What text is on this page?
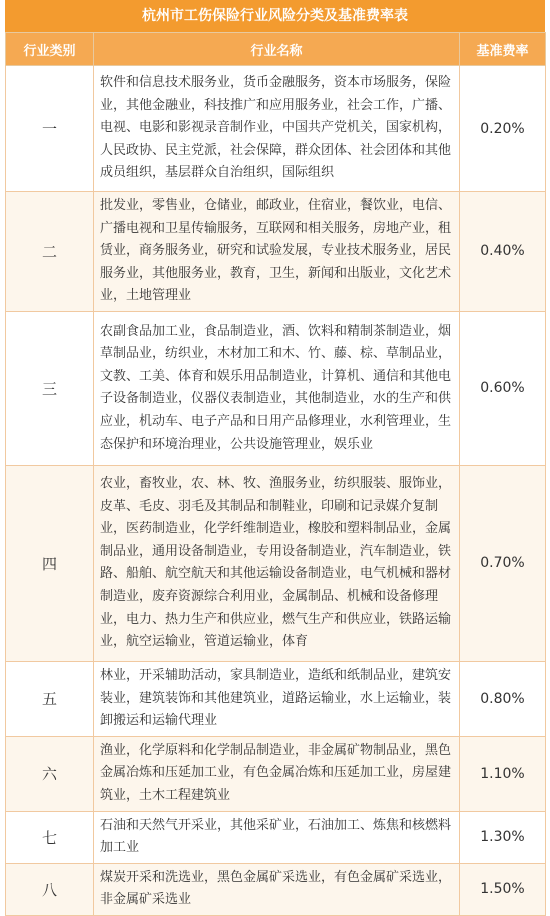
杭州市工伤保险行业风险分类及基准费率表
行业类别	行业名称	基准费率
一	软件和信息技术服务业，货币金融服务，资本市场服务，保险业，其他金融业，科技推广和应用服务业，社会工作，广播、电视、电影和影视录音制作业，中国共产党机关，国家机构，人民政协、民主党派，社会保障，群众团体、社会团体和其他成员组织，基层群众自治组织，国际组织	0.20%
二	批发业，零售业，仓储业，邮政业，住宿业，餐饮业，电信、广播电视和卫星传输服务，互联网和相关服务，房地产业，租赁业，商务服务业，研究和试验发展，专业技术服务业，居民服务业，其他服务业，教育，卫生，新闻和出版业，文化艺术业，土地管理业	0.40%
三	农副食品加工业，食品制造业，酒、饮料和精制茶制造业，烟草制品业，纺织业，木材加工和木、竹、藤、棕、草制品业，文教、工美、体育和娱乐用品制造业，计算机、通信和其他电子设备制造业，仪器仪表制造业，其他制造业，水的生产和供应业，机动车、电子产品和日用产品修理业，水利管理业，生态保护和环境治理业，公共设施管理业，娱乐业	0.60%
四	农业，畜牧业，农、林、牧、渔服务业，纺织服装、服饰业，皮革、毛皮、羽毛及其制品和制鞋业，印刷和记录媒介复制业，医药制造业，化学纤维制造业，橡胶和塑料制品业，金属制品业，通用设备制造业，专用设备制造业，汽车制造业，铁路、船舶、航空航天和其他运输设备制造业，电气机械和器材制造业，废弃资源综合利用业，金属制品、机械和设备修理业，电力、热力生产和供应业，燃气生产和供应业，铁路运输业，航空运输业，管道运输业，体育	0.70%
五	林业，开采辅助活动，家具制造业，造纸和纸制品业，建筑安装业，建筑装饰和其他建筑业，道路运输业，水上运输业，装卸搬运和运输代理业	0.80%
六	渔业，化学原料和化学制品制造业，非金属矿物制品业，黑色金属冶炼和压延加工业，有色金属冶炼和压延加工业，房屋建筑业，土木工程建筑业	1.10%
七	石油和天然气开采业，其他采矿业，石油加工、炼焦和核燃料加工业	1.30%
八	煤炭开采和洗选业，黑色金属矿采选业，有色金属矿采选业，非金属矿采选业	1.50%
